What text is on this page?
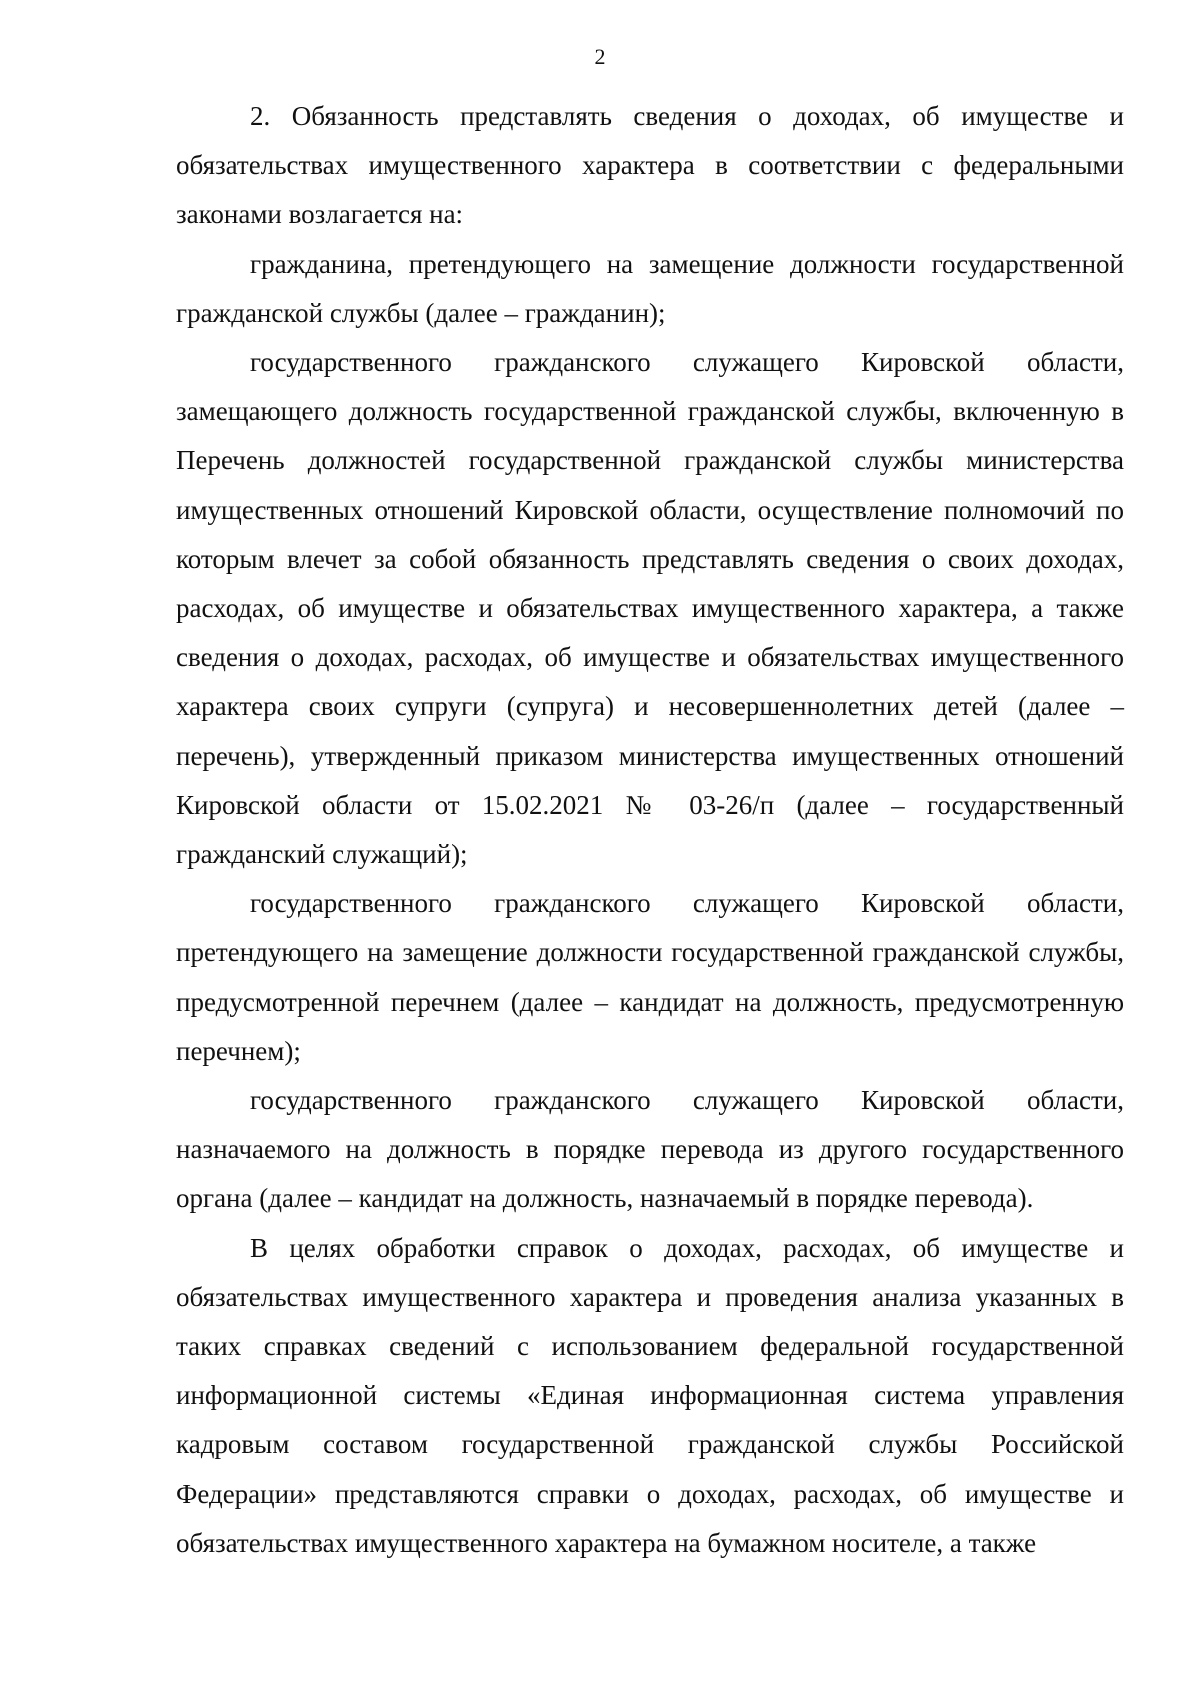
2

2. Обязанность представлять сведения о доходах, об имуществе и обязательствах имущественного характера в соответствии с федеральными законами возлагается на:

гражданина, претендующего на замещение должности государственной гражданской службы (далее – гражданин);

государственного гражданского служащего Кировской области, замещающего должность государственной гражданской службы, включенную в Перечень должностей государственной гражданской службы министерства имущественных отношений Кировской области, осуществление полномочий по которым влечет за собой обязанность представлять сведения о своих доходах, расходах, об имуществе и обязательствах имущественного характера, а также сведения о доходах, расходах, об имуществе и обязательствах имущественного характера своих супруги (супруга) и несовершеннолетних детей (далее – перечень), утвержденный приказом министерства имущественных отношений Кировской области от 15.02.2021 № 03-26/п (далее – государственный гражданский служащий);

государственного гражданского служащего Кировской области, претендующего на замещение должности государственной гражданской службы, предусмотренной перечнем (далее – кандидат на должность, предусмотренную перечнем);

государственного гражданского служащего Кировской области, назначаемого на должность в порядке перевода из другого государственного органа (далее – кандидат на должность, назначаемый в порядке перевода).

В целях обработки справок о доходах, расходах, об имуществе и обязательствах имущественного характера и проведения анализа указанных в таких справках сведений с использованием федеральной государственной информационной системы «Единая информационная система управления кадровым составом государственной гражданской службы Российской Федерации» представляются справки о доходах, расходах, об имуществе и обязательствах имущественного характера на бумажном носителе, а также
